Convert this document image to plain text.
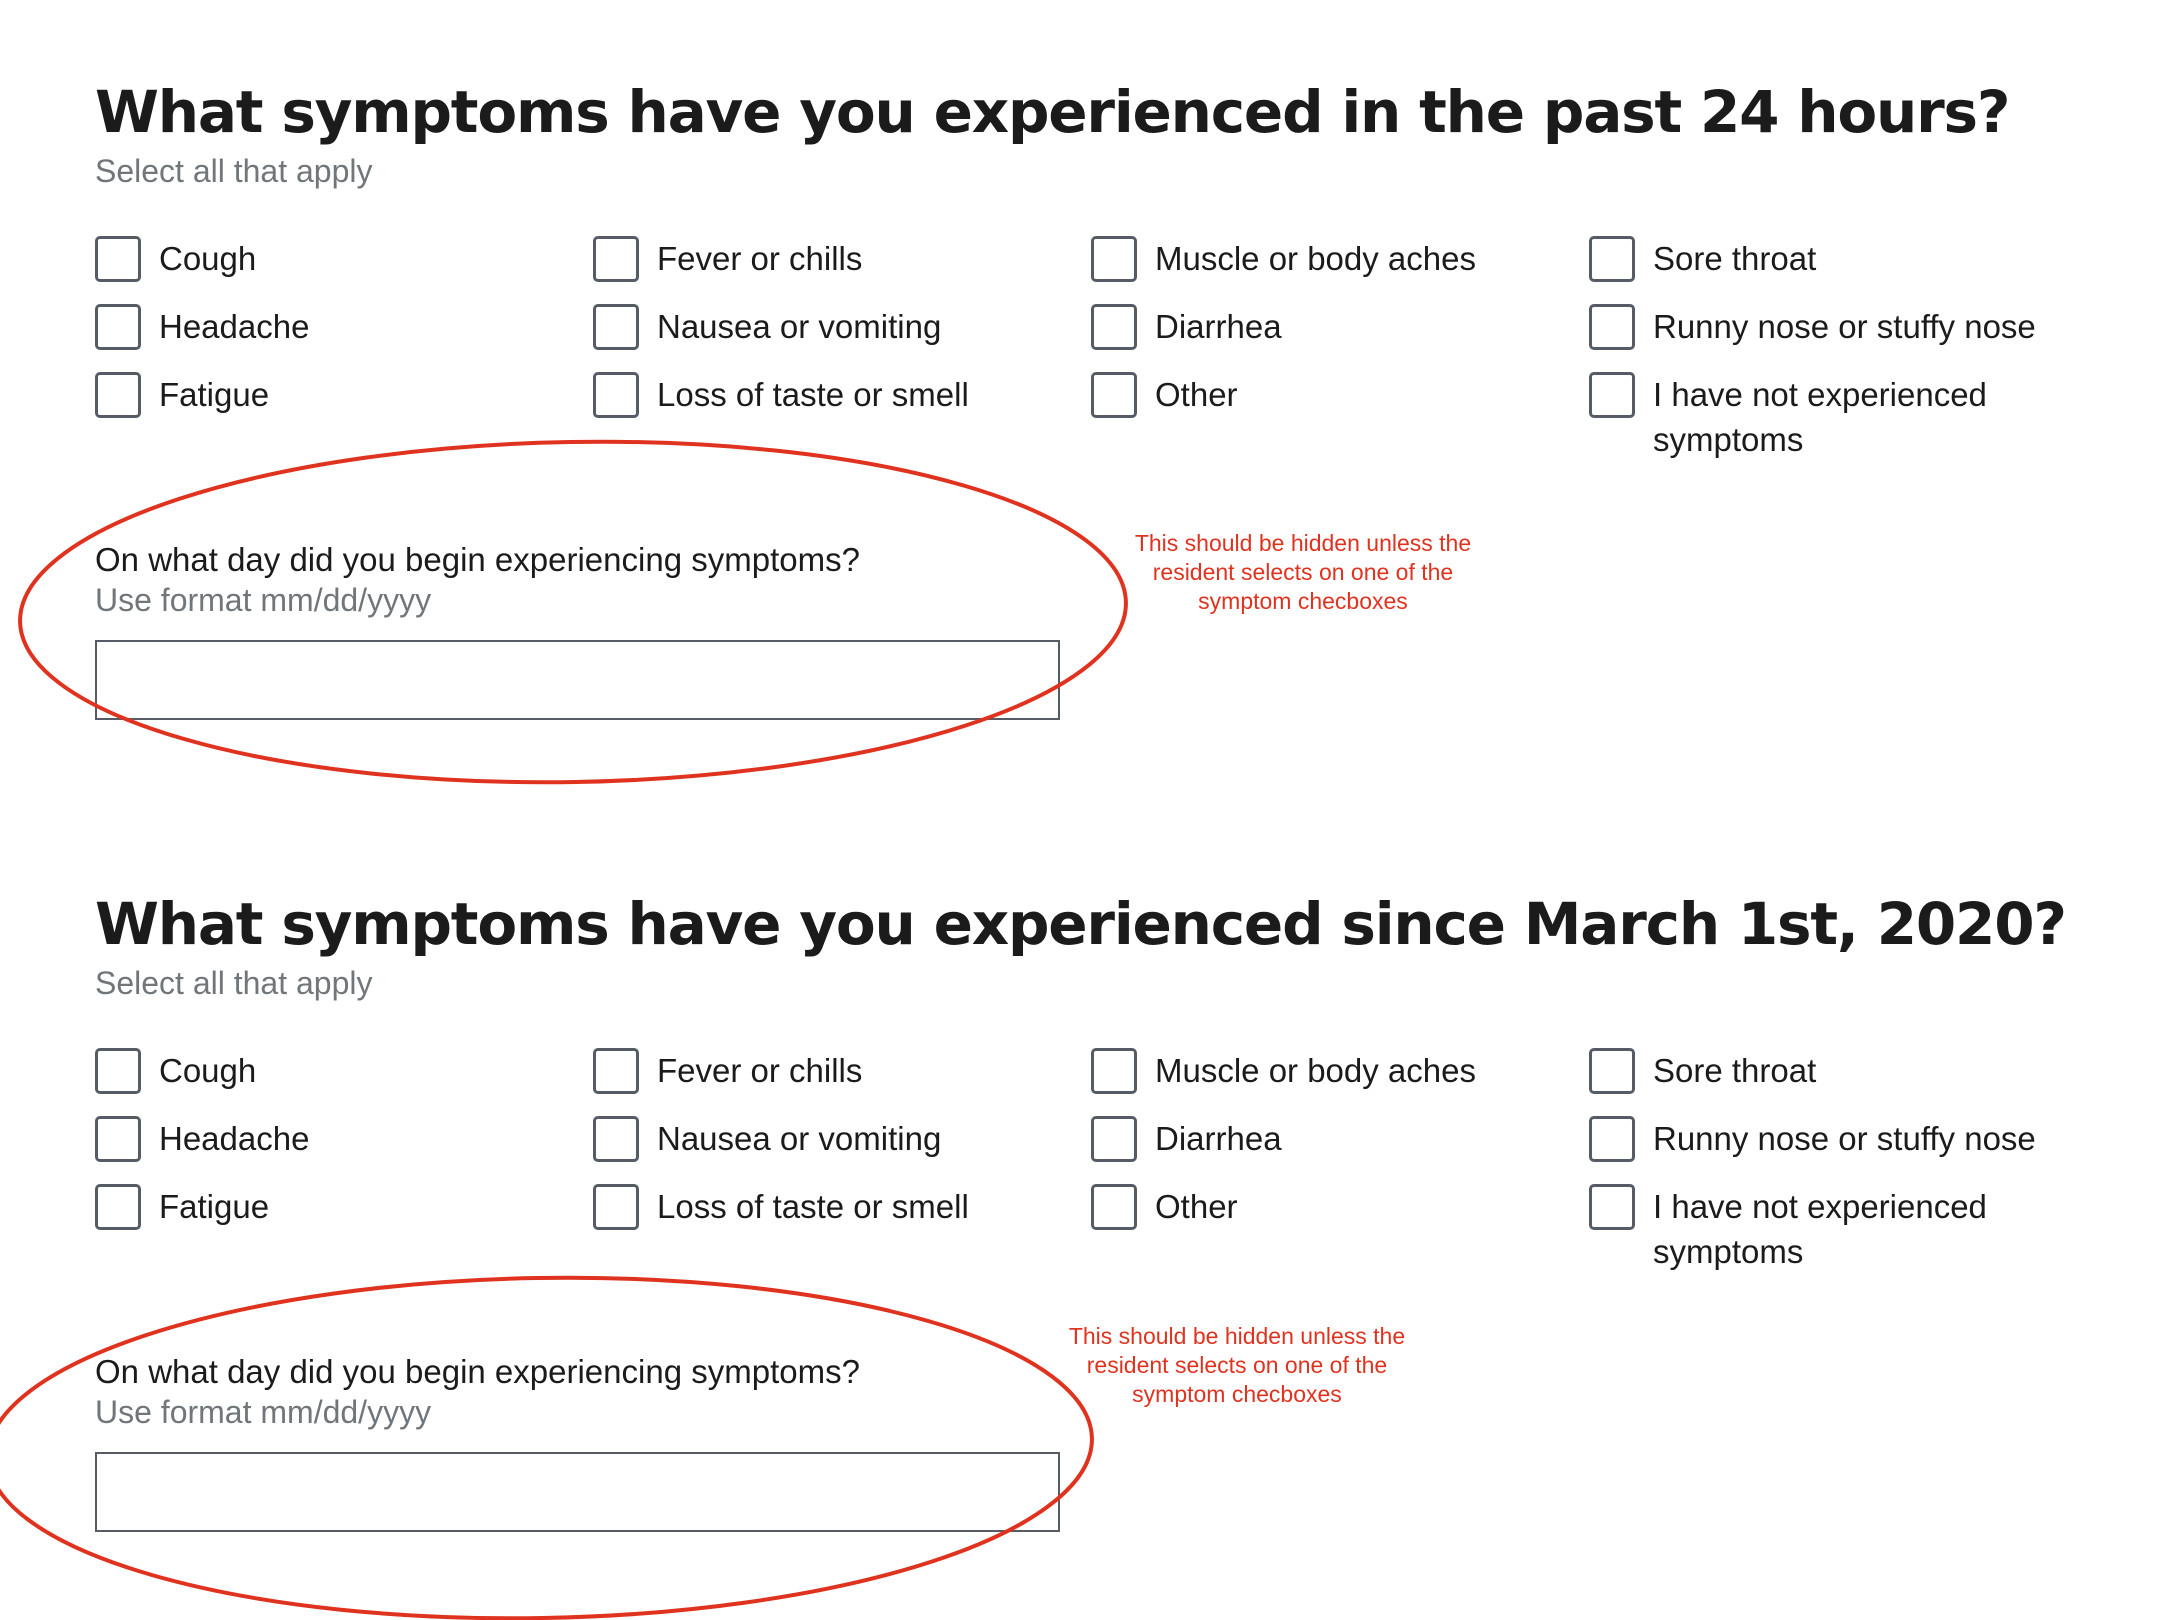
What symptoms have you experienced in the past 24 hours?
Select all that apply
Cough
Headache
Fatigue
Fever or chills
Nausea or vomiting
Loss of taste or smell
Muscle or body aches
Diarrhea
Other
Sore throat
Runny nose or stuffy nose
I have not experienced symptoms
On what day did you begin experiencing symptoms?
Use format mm/dd/yyyy
This should be hidden unless the resident selects on one of the symptom checboxes
What symptoms have you experienced since March 1st, 2020?
Select all that apply
Cough
Headache
Fatigue
Fever or chills
Nausea or vomiting
Loss of taste or smell
Muscle or body aches
Diarrhea
Other
Sore throat
Runny nose or stuffy nose
I have not experienced symptoms
On what day did you begin experiencing symptoms?
Use format mm/dd/yyyy
This should be hidden unless the resident selects on one of the symptom checboxes
